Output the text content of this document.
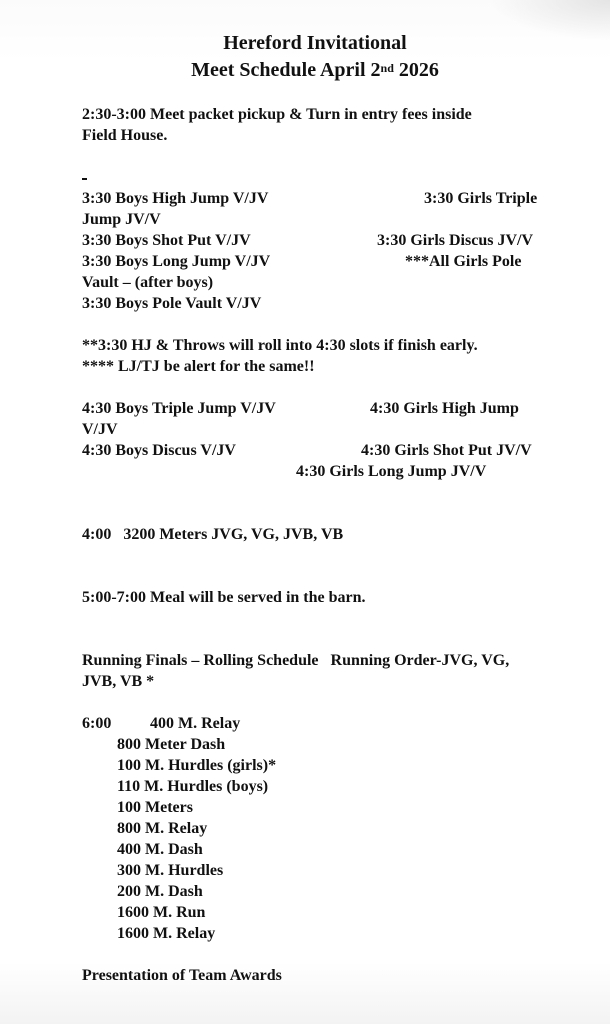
Hereford Invitational
Meet Schedule April 2nd 2026
2:30-3:00 Meet packet pickup & Turn in entry fees inside
Field House.
3:30 Boys High Jump V/JV	3:30 Girls Triple
Jump JV/V
3:30 Boys Shot Put V/JV	3:30 Girls Discus JV/V
3:30 Boys Long Jump V/JV	***All Girls Pole
Vault – (after boys)
3:30 Boys Pole Vault V/JV
**3:30 HJ & Throws will roll into 4:30 slots if finish early.
**** LJ/TJ be alert for the same!!
4:30 Boys Triple Jump V/JV	4:30 Girls High Jump
V/JV
4:30 Boys Discus V/JV	4:30 Girls Shot Put JV/V
4:30 Girls Long Jump JV/V
4:00   3200 Meters JVG, VG, JVB, VB
5:00-7:00 Meal will be served in the barn.
Running Finals – Rolling Schedule   Running Order-JVG, VG,
JVB, VB *
6:00 400 M. Relay
800 Meter Dash
100 M. Hurdles (girls)*
110 M. Hurdles (boys)
100 Meters
800 M. Relay
400 M. Dash
300 M. Hurdles
200 M. Dash
1600 M. Run
1600 M. Relay
Presentation of Team Awards
